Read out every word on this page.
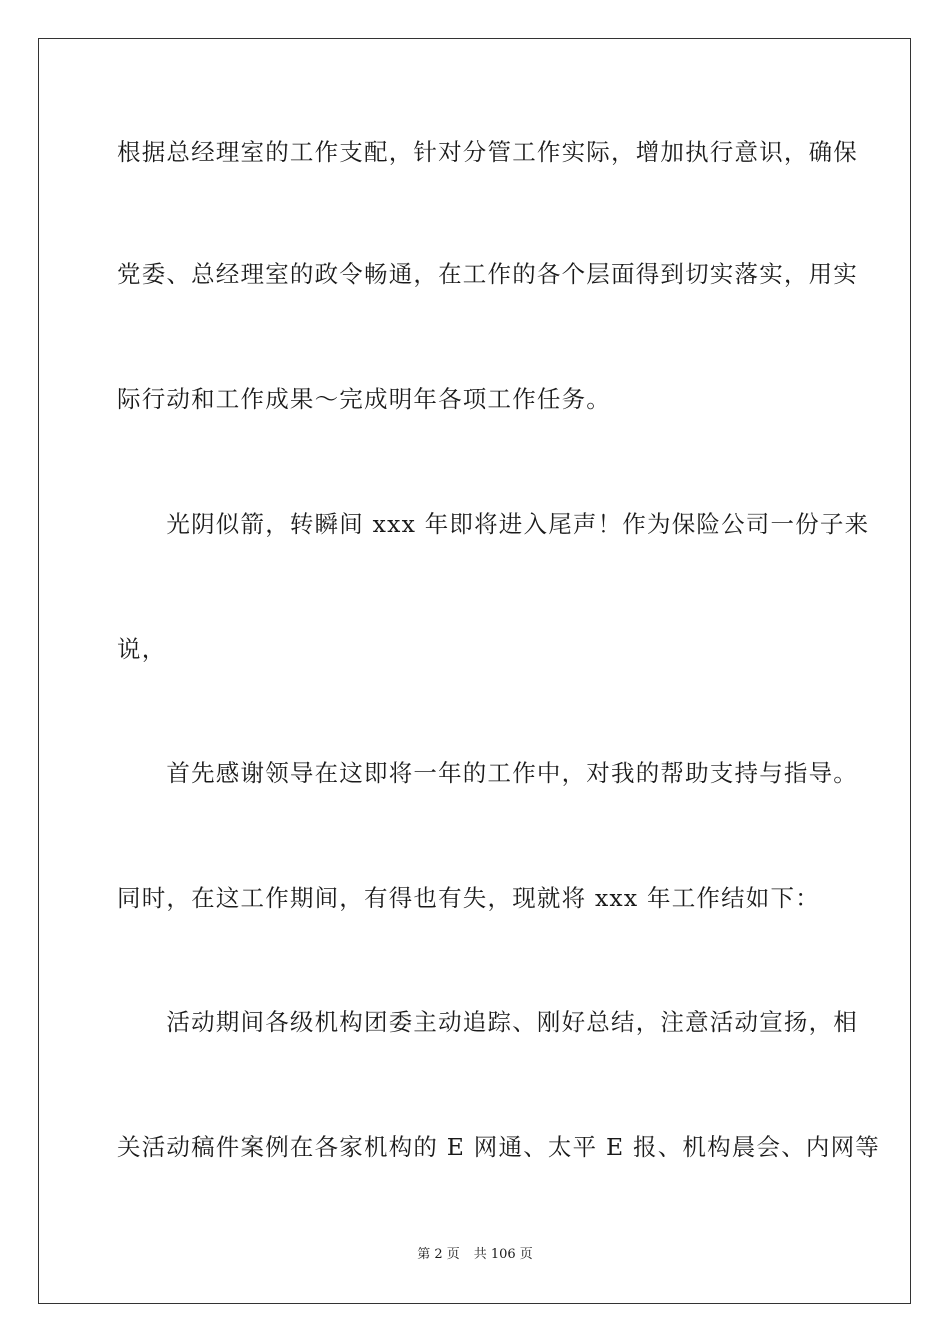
根据总经理室的工作支配，针对分管工作实际，增加执行意识，确保
党委、总经理室的政令畅通，在工作的各个层面得到切实落实，用实
际行动和工作成果～完成明年各项工作任务。
　　光阴似箭，转瞬间 xxx 年即将进入尾声！作为保险公司一份子来
说，
　　首先感谢领导在这即将一年的工作中，对我的帮助支持与指导。
同时，在这工作期间，有得也有失，现就将 xxx 年工作结如下：
　　活动期间各级机构团委主动追踪、刚好总结，注意活动宣扬，相
关活动稿件案例在各家机构的 E 网通、太平 E 报、机构晨会、内网等
第 2 页 共 106 页
